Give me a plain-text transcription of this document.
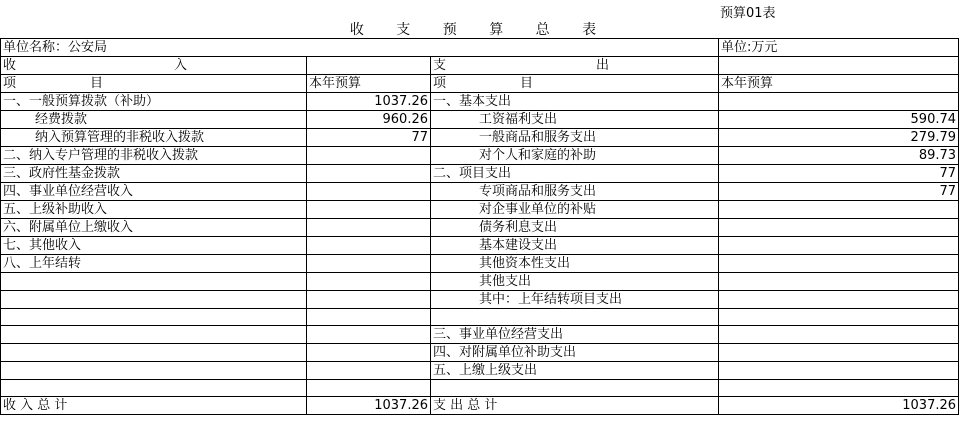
预算01表
收 支 预 算 总 表
单位名称：公安局			单位:万元
收 入		支 出	
项 目	本年预算	项 目	本年预算
一、一般预算拨款（补助）	1037.26	一、基本支出	
经费拨款	960.26	工资福利支出	590.74
纳入预算管理的非税收入拨款	77	一般商品和服务支出	279.79
二、纳入专户管理的非税收入拨款		对个人和家庭的补助	89.73
三、政府性基金拨款		二、项目支出	77
四、事业单位经营收入		专项商品和服务支出	77
五、上级补助收入		对企事业单位的补贴	
六、附属单位上缴收入		债务利息支出	
七、其他收入		基本建设支出	
八、上年结转		其他资本性支出	
		其他支出	
		其中：上年结转项目支出	

		三、事业单位经营支出	
		四、对附属单位补助支出	
		五、上缴上级支出	

收 入 总 计	1037.26	支 出 总 计	1037.26
